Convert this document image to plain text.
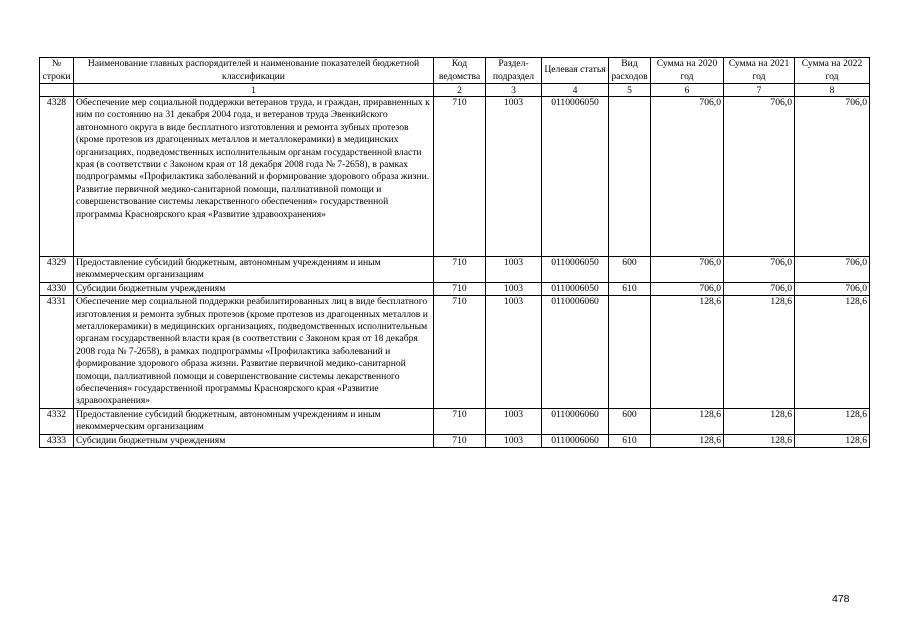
№ строки	Наименование главных распорядителей и наименование показателей бюджетной классификации	Код ведомства	Раздел-подраздел	Целевая статья	Вид расходов	Сумма на 2020 год	Сумма на 2021 год	Сумма на 2022 год
	1	2	3	4	5	6	7	8
4328	Обеспечение мер социальной поддержки ветеранов труда, и граждан, приравненных к ним по состоянию на 31 декабря 2004 года, и ветеранов труда Эвенкийского автономного округа в виде бесплатного изготовления и ремонта зубных протезов (кроме протезов из драгоценных металлов и металлокерамики) в медицинских организациях, подведомственных исполнительным органам государственной власти края (в соответствии с Законом края от 18 декабря 2008 года № 7-2658), в рамках подпрограммы «Профилактика заболеваний и формирование здорового образа жизни. Развитие первичной медико-санитарной помощи, паллиативной помощи и совершенствование системы лекарственного обеспечения» государственной программы Красноярского края «Развитие здравоохранения»	710	1003	0110006050		706,0	706,0	706,0
4329	Предоставление субсидий бюджетным, автономным учреждениям и иным некоммерческим организациям	710	1003	0110006050	600	706,0	706,0	706,0
4330	Субсидии бюджетным учреждениям	710	1003	0110006050	610	706,0	706,0	706,0
4331	Обеспечение мер социальной поддержки реабилитированных лиц в виде бесплатного изготовления и ремонта зубных протезов (кроме протезов из драгоценных металлов и металлокерамики) в медицинских организациях, подведомственных исполнительным органам государственной власти края (в соответствии с Законом края от 18 декабря 2008 года № 7-2658), в рамках подпрограммы «Профилактика заболеваний и формирование здорового образа жизни. Развитие первичной медико-санитарной помощи, паллиативной помощи и совершенствование системы лекарственного обеспечения» государственной программы Красноярского края «Развитие здравоохранения»	710	1003	0110006060		128,6	128,6	128,6
4332	Предоставление субсидий бюджетным, автономным учреждениям и иным некоммерческим организациям	710	1003	0110006060	600	128,6	128,6	128,6
4333	Субсидии бюджетным учреждениям	710	1003	0110006060	610	128,6	128,6	128,6
478
